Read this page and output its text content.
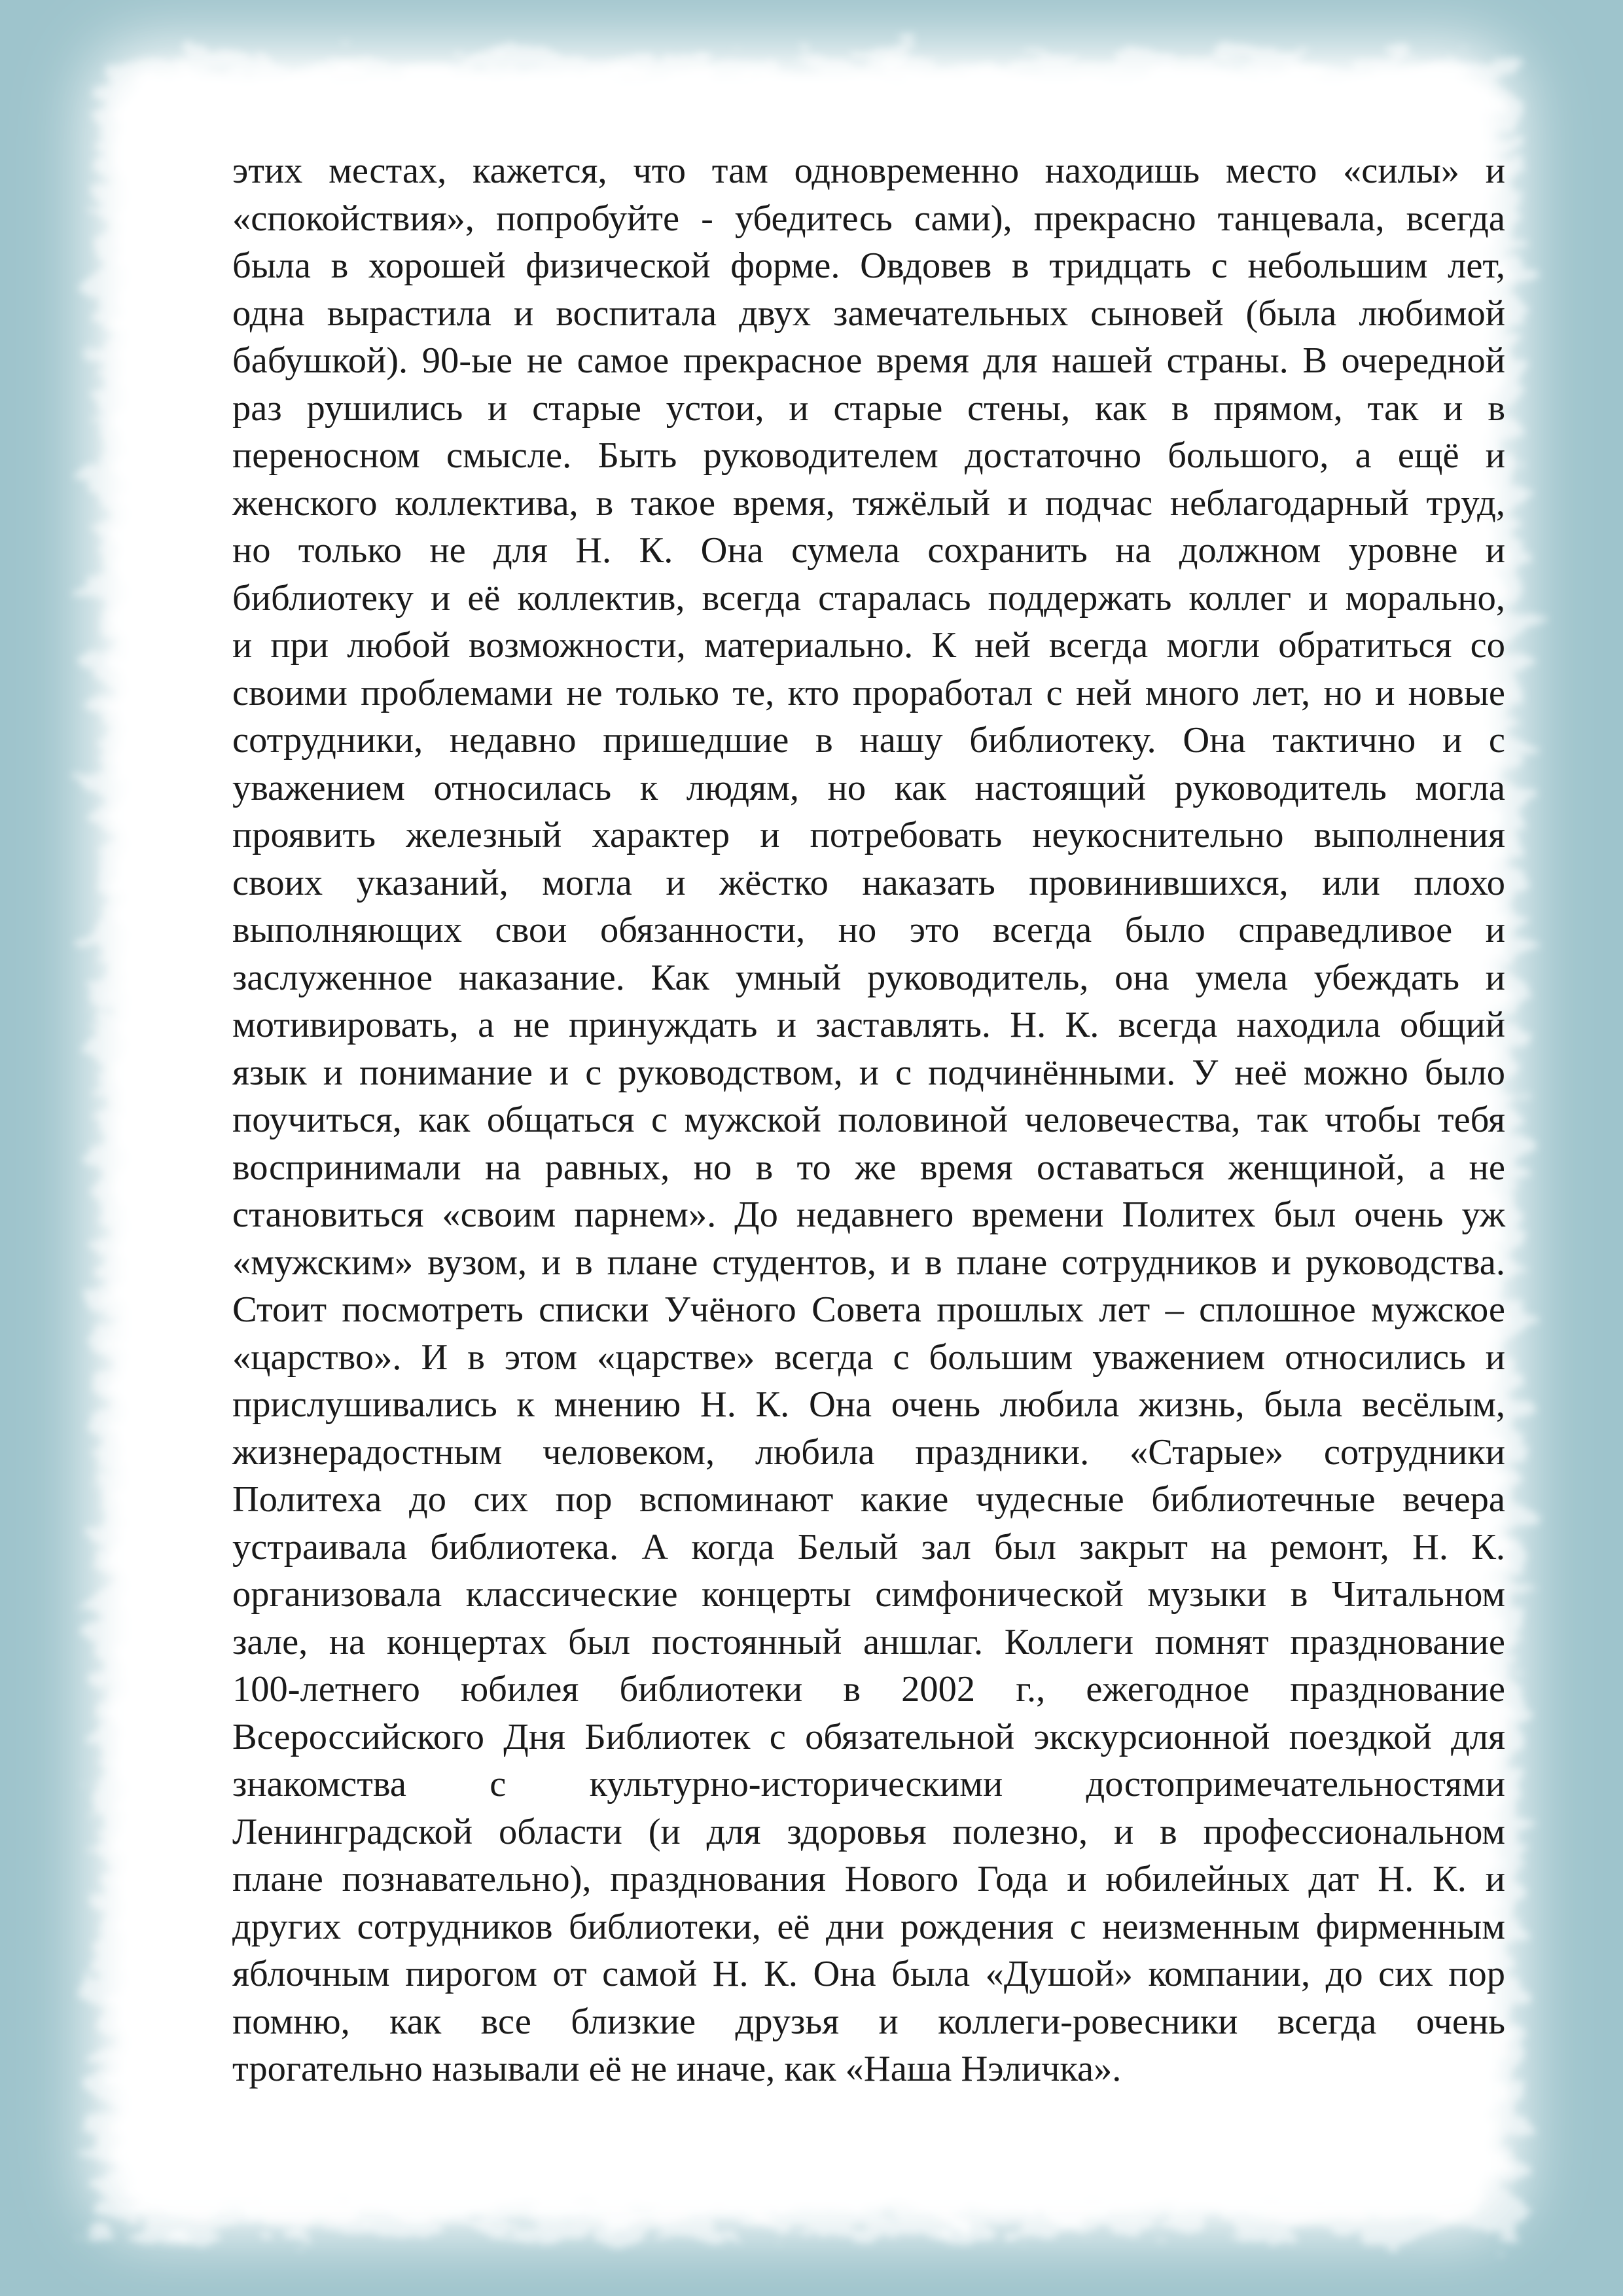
этих местах, кажется, что там одновременно находишь место «силы» и
«спокойствия», попробуйте - убедитесь сами), прекрасно танцевала, всегда
была в хорошей физической форме. Овдовев в тридцать с небольшим лет,
одна вырастила и воспитала двух замечательных сыновей (была любимой
бабушкой). 90-ые не самое прекрасное время для нашей страны. В очередной
раз рушились и старые устои, и старые стены, как в прямом, так и в
переносном смысле. Быть руководителем достаточно большого, а ещё и
женского коллектива, в такое время, тяжёлый и подчас неблагодарный труд,
но только не для Н. К. Она сумела сохранить на должном уровне и
библиотеку и её коллектив, всегда старалась поддержать коллег и морально,
и при любой возможности, материально. К ней всегда могли обратиться со
своими проблемами не только те, кто проработал с ней много лет, но и новые
сотрудники, недавно пришедшие в нашу библиотеку. Она тактично и с
уважением относилась к людям, но как настоящий руководитель могла
проявить железный характер и потребовать неукоснительно выполнения
своих указаний, могла и жёстко наказать провинившихся, или плохо
выполняющих свои обязанности, но это всегда было справедливое и
заслуженное наказание. Как умный руководитель, она умела убеждать и
мотивировать, а не принуждать и заставлять. Н. К. всегда находила общий
язык и понимание и с руководством, и с подчинёнными. У неё можно было
поучиться, как общаться с мужской половиной человечества, так чтобы тебя
воспринимали на равных, но в то же время оставаться женщиной, а не
становиться «своим парнем». До недавнего времени Политех был очень уж
«мужским» вузом, и в плане студентов, и в плане сотрудников и руководства.
Стоит посмотреть списки Учёного Совета прошлых лет – сплошное мужское
«царство». И в этом «царстве» всегда с большим уважением относились и
прислушивались к мнению Н. К. Она очень любила жизнь, была весёлым,
жизнерадостным человеком, любила праздники. «Старые» сотрудники
Политеха до сих пор вспоминают какие чудесные библиотечные вечера
устраивала библиотека. А когда Белый зал был закрыт на ремонт, Н. К.
организовала классические концерты симфонической музыки в Читальном
зале, на концертах был постоянный аншлаг. Коллеги помнят празднование
100-летнего юбилея библиотеки в 2002 г., ежегодное празднование
Всероссийского Дня Библиотек с обязательной экскурсионной поездкой для
знакомства с культурно-историческими достопримечательностями
Ленинградской области (и для здоровья полезно, и в профессиональном
плане познавательно), празднования Нового Года и юбилейных дат Н. К. и
других сотрудников библиотеки, её дни рождения с неизменным фирменным
яблочным пирогом от самой Н. К. Она была «Душой» компании, до сих пор
помню, как все близкие друзья и коллеги-ровесники всегда очень
трогательно называли её не иначе, как «Наша Нэличка».
